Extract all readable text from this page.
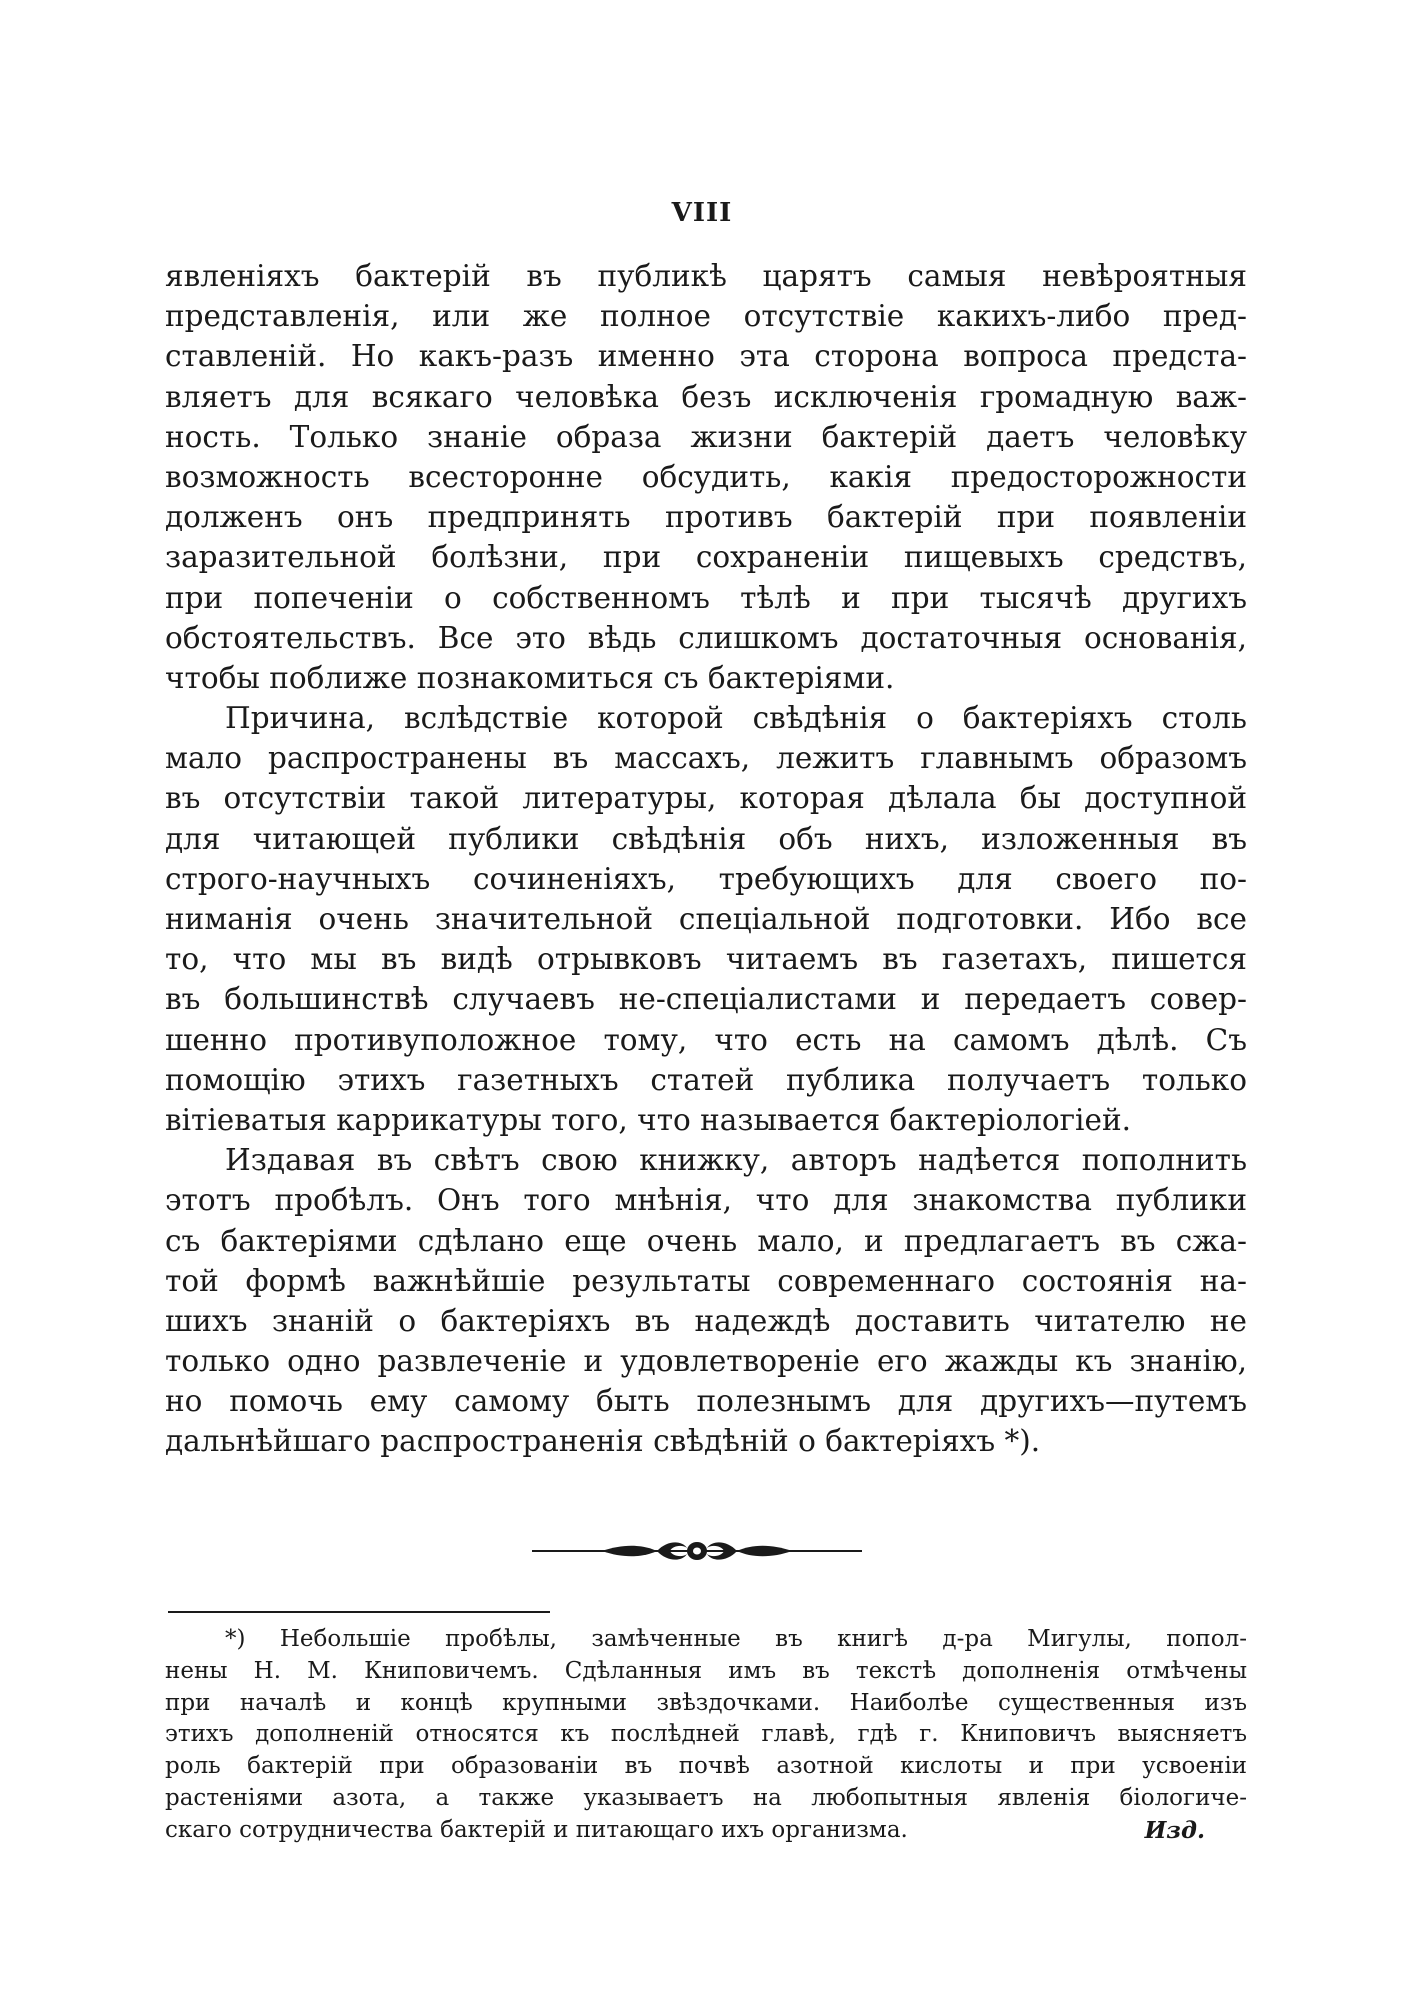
VIII
явленіяхъ бактерій въ публикѣ царятъ самыя невѣроятныя
представленія, или же полное отсутствіе какихъ-либо пред-
ставленій. Но какъ-разъ именно эта сторона вопроса предста-
вляетъ для всякаго человѣка безъ исключенія громадную важ-
ность. Только знаніе образа жизни бактерій даетъ человѣку
возможность всесторонне обсудить, какія предосторожности
долженъ онъ предпринять противъ бактерій при появленіи
заразительной болѣзни, при сохраненіи пищевыхъ средствъ,
при попеченіи о собственномъ тѣлѣ и при тысячѣ другихъ
обстоятельствъ. Все это вѣдь слишкомъ достаточныя основанія,
чтобы поближе познакомиться съ бактеріями.
Причина, вслѣдствіе которой свѣдѣнія о бактеріяхъ столь
мало распространены въ массахъ, лежитъ главнымъ образомъ
въ отсутствіи такой литературы, которая дѣлала бы доступной
для читающей публики свѣдѣнія объ нихъ, изложенныя въ
строго-научныхъ сочиненіяхъ, требующихъ для своего по-
ниманія очень значительной спеціальной подготовки. Ибо все
то, что мы въ видѣ отрывковъ читаемъ въ газетахъ, пишется
въ большинствѣ случаевъ не-спеціалистами и передаетъ совер-
шенно противуположное тому, что есть на самомъ дѣлѣ. Съ
помощію этихъ газетныхъ статей публика получаетъ только
вітіеватыя каррикатуры того, что называется бактеріологіей.
Издавая въ свѣтъ свою книжку, авторъ надѣется пополнить
этотъ пробѣлъ. Онъ того мнѣнія, что для знакомства публики
съ бактеріями сдѣлано еще очень мало, и предлагаетъ въ сжа-
той формѣ важнѣйшіе результаты современнаго состоянія на-
шихъ знаній о бактеріяхъ въ надеждѣ доставить читателю не
только одно развлеченіе и удовлетвореніе его жажды къ знанію,
но помочь ему самому быть полезнымъ для другихъ—путемъ
дальнѣйшаго распространенія свѣдѣній о бактеріяхъ *).
*) Небольшіе пробѣлы, замѣченные въ книгѣ д-ра Мигулы, попол-
нены Н. М. Книповичемъ. Сдѣланныя имъ въ текстѣ дополненія отмѣчены
при началѣ и концѣ крупными звѣздочками. Наиболѣе существенныя изъ
этихъ дополненій относятся къ послѣдней главѣ, гдѣ г. Книповичъ выясняетъ
роль бактерій при образованіи въ почвѣ азотной кислоты и при усвоеніи
растеніями азота, а также указываетъ на любопытныя явленія біологиче-
скаго сотрудничества бактерій и питающаго ихъ организма.	Изд.
